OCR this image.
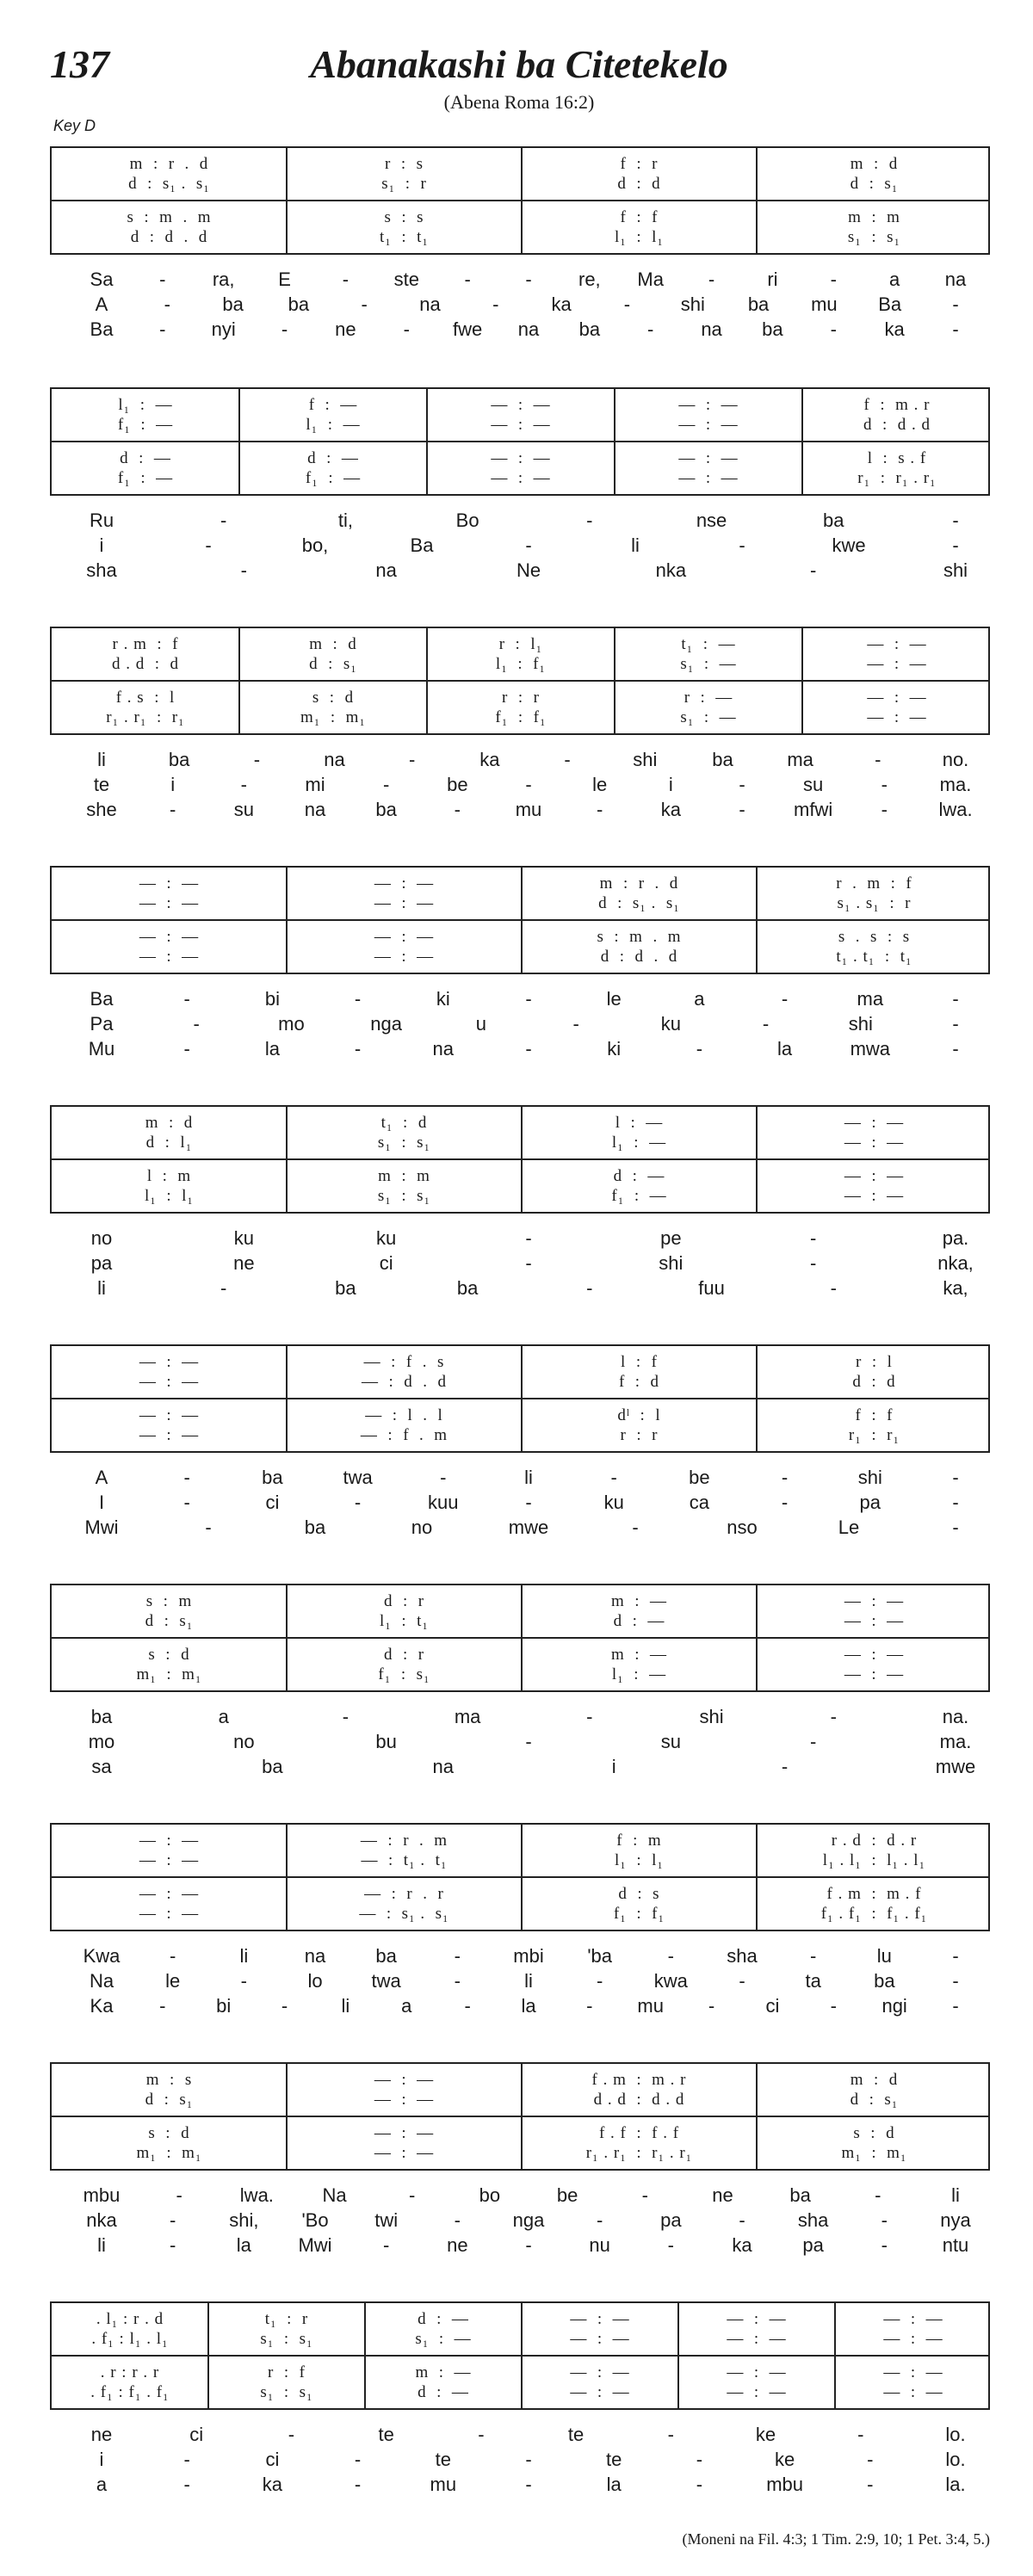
137	Abanakashi ba Citetekelo
(Abena Roma 16:2)
Key D
m  :  r  .  d	r  :  s	f  :  r	m  :  d
d  :  s₁ .  s₁	s₁  :  r	d  :  d	d  :  s₁
s  :  m  .  m	s  :  s	f  :  f	m  :  m
d  :  d  .  d	t₁  :  t₁	l₁  :  l₁	s₁  :  s₁
Sa - ra, E	- ste -	- re, Ma -	ri	-	a na
A	-	ba ba	-	na	-	ka	-	shi ba mu Ba	-
Ba - nyi - ne - fwe na ba - na ba -	ka	-
l₁  :  —	f  :  —	—  :  —	—  :  —	f  :  m . r
f₁  :  —	l₁  :  —	—  :  —	—  :  —	d  :  d . d
d  :  —	d  :  —	—  :  —	—  :  —	l  :  s . f
f₁  :  —	f₁  :  —	—  :  —	—  :  —	r₁  :  r₁ . r₁
Ru	-	ti,	Bo	-	nse	ba	-
i	-	bo,	Ba	-	li	-	kwe	-
sha	-	na	Ne	nka	-	shi
r . m  :  f	m  :  d	r  :  l₁	t₁  :  —	—  :  —
d . d  :  d	d  :  s₁	l₁  :  f₁	s₁  :  —	—  :  —
f . s  :  l	s  :  d	r  :  r	r  :  —	—  :  —
r₁ . r₁  :  r₁	m₁  :  m₁	f₁  :  f₁	s₁  :  —	—  :  —
li	ba	-	na	-	ka	-	shi	ba	ma	-	no.
te	i	-	mi	-	be	-	le	i	-	su	-	ma.
she	-	su	na	ba	-	mu	-	ka	-	mfwi	-	lwa.
—  :  —	—  :  —	m  :  r  .  d	r  .  m  :  f
—  :  —	—  :  —	d  :  s₁ .  s₁	s₁ . s₁  :  r
—  :  —	—  :  —	s  :  m  .  m	s  .  s  :  s
—  :  —	—  :  —	d  :  d  .  d	t₁ . t₁  :  t₁
Ba	-	bi	-	ki	-	le	a	-	ma	-
Pa	-	mo	nga	u	-	ku	-	shi	-
Mu	-	la	-	na	-	ki	-	la	mwa	-
m  :  d	t₁  :  d	l  :  —	—  :  —
d  :  l₁	s₁  :  s₁	l₁  :  —	—  :  —
l  :  m	m  :  m	d  :  —	—  :  —
l₁  :  l₁	s₁  :  s₁	f₁  :  —	—  :  —
no	ku	ku	-	pe	-	pa.
pa	ne	ci	-	shi	-	nka,
li	-	ba	ba	-	fuu	-	ka,
—  :  —	—  :  f  .  s	l  :  f	r  :  l
—  :  —	—  :  d  .  d	f  :  d	d  :  d
—  :  —	—  :  l  .  l	dˡ  :  l	f  :  f
—  :  —	—  :  f  .  m	r  :  r	r₁  :  r₁
A	-	ba	twa	-	li	-	be	-	shi	-
I	-	ci	-	kuu	-	ku	ca	-	pa	-
Mwi	-	ba	no	mwe	-	nso	Le	-
s  :  m	d  :  r	m  :  —	—  :  —
d  :  s₁	l₁  :  t₁	d  :  —	—  :  —
s  :  d	d  :  r	m  :  —	—  :  —
m₁  :  m₁	f₁  :  s₁	l₁  :  —	—  :  —
ba	a	-	ma	-	shi	-	na.
mo	no	bu	-	su	-	ma.
sa	ba	na	i	-	mwe
—  :  —	—  :  r  .  m	f  :  m	r . d  :  d . r
—  :  —	—  :  t₁ .  t₁	l₁  :  l₁	l₁ . l₁  :  l₁ . l₁
—  :  —	—  :  r  .  r	d  :  s	f . m  :  m . f
—  :  —	—  :  s₁ .  s₁	f₁  :  f₁	f₁ . f₁  :  f₁ . f₁
Kwa	-	li	na	ba	-	mbi 'ba	-	sha	-	lu	-
Na	le	-	lo	twa	-	li	-	kwa	-	ta	ba	-
Ka -	bi	-	li	a	-	la	- mu -	ci	- ngi -
m  :  s	—  :  —	f . m  :  m . r	m  :  d
d  :  s₁	—  :  —	d . d  :  d . d	d  :  s₁
s  :  d	—  :  —	f . f  :  f . f	s  :  d
m₁  :  m₁	—  :  —	r₁ . r₁  :  r₁ . r₁	m₁  :  m₁
mbu	-	lwa.	Na	-	bo	be	-	ne	ba	-	li
nka	-	shi, 'Bo twi	-	nga	-	pa	-	sha	-	nya
li	-	la Mwi	-	ne	-	nu	-	ka	pa	-	ntu
. l₁ : r . d	t₁  :  r	d  :  —	—  :  —	—  :  —	—  :  —
. f₁ : l₁ . l₁	s₁  :  s₁	s₁  :  —	—  :  —	—  :  —	—  :  —
. r : r . r	r  :  f	m  :  —	—  :  —	—  :  —	—  :  —
. f₁ : f₁ . f₁	s₁  :  s₁	d  :  —	—  :  —	—  :  —	—  :  —
ne	ci	-	te	-	te	-	ke	-	lo.
i	-	ci	-	te	-	te	-	ke	-	lo.
a	-	ka	-	mu	-	la	-	mbu	-	la.
(Moneni na Fil. 4:3; 1 Tim. 2:9, 10; 1 Pet. 3:4, 5.)
